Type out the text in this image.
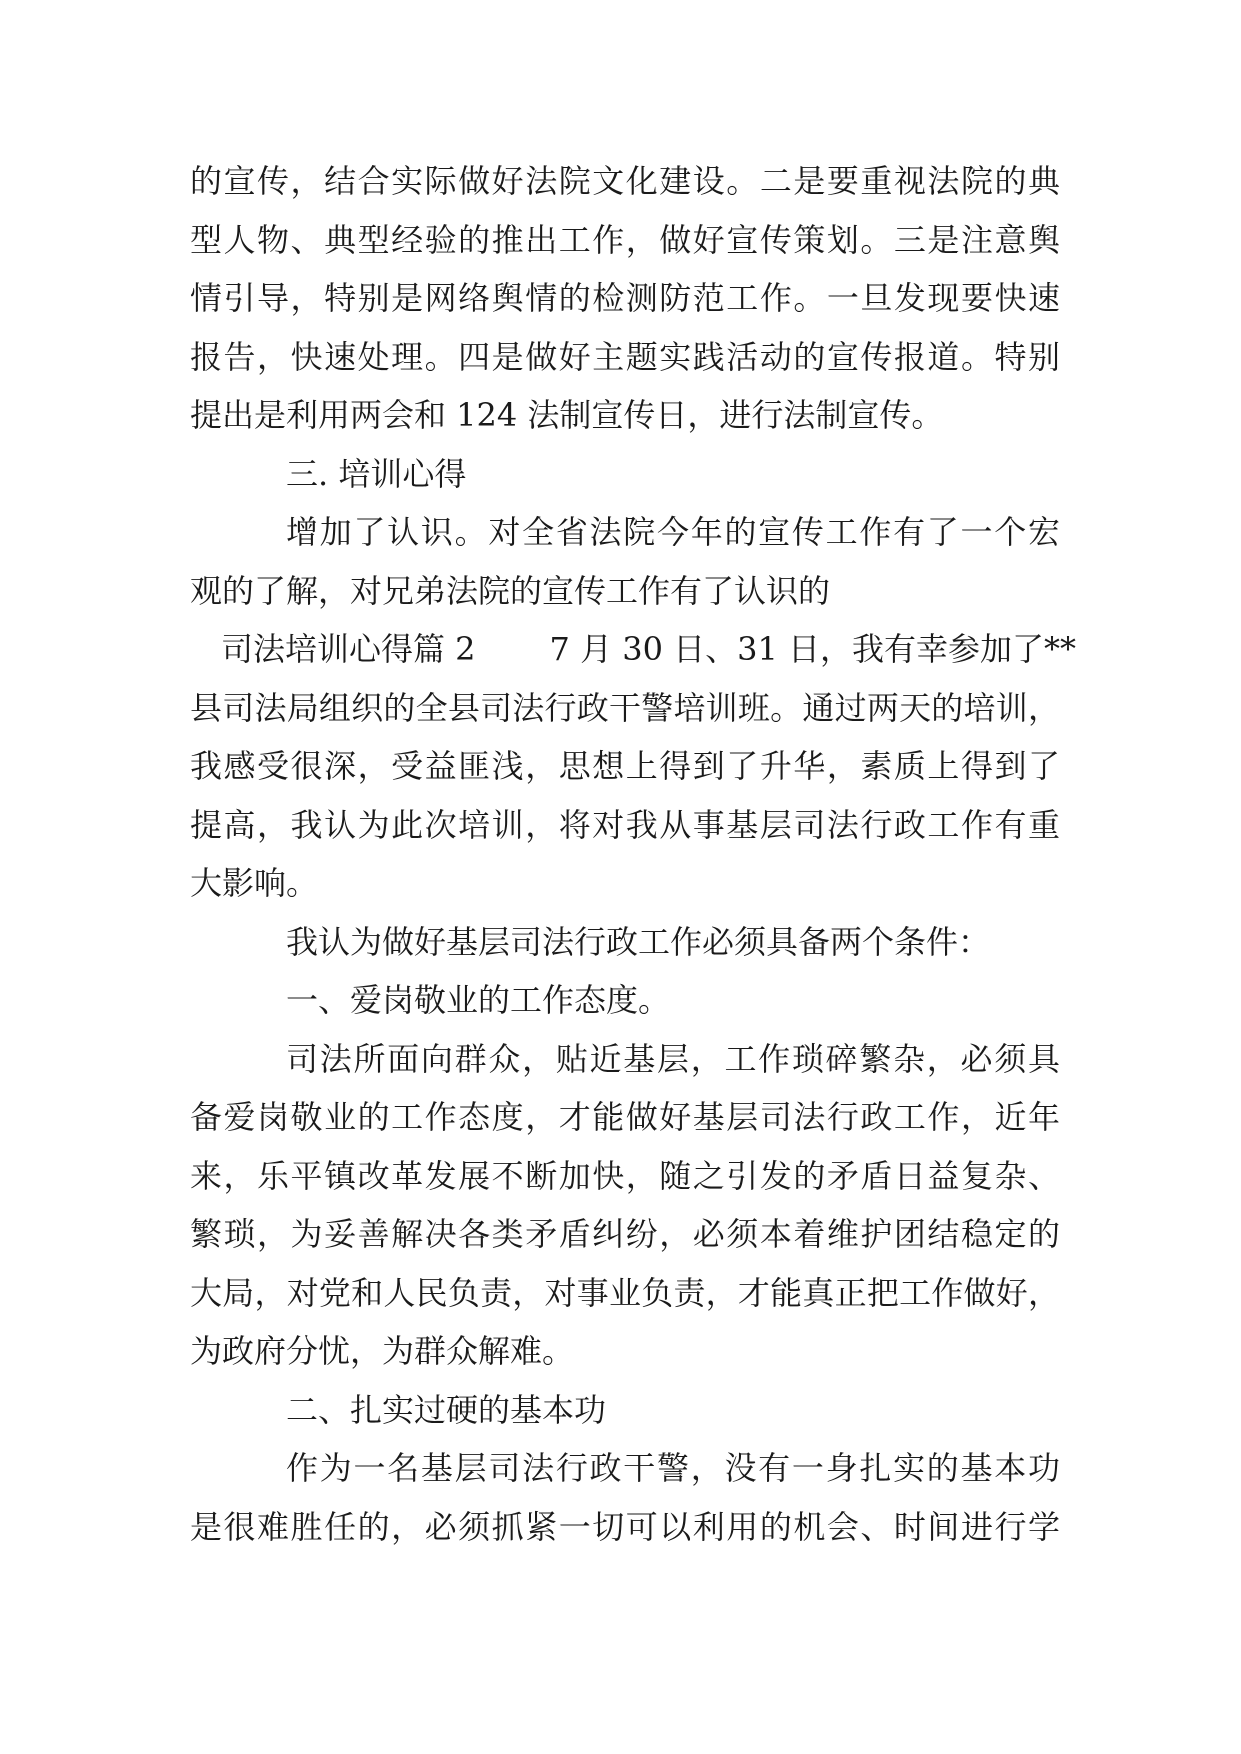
的宣传，结合实际做好法院文化建设。二是要重视法院的典
型人物、典型经验的推出工作，做好宣传策划。三是注意舆
情引导，特别是网络舆情的检测防范工作。一旦发现要快速
报告，快速处理。四是做好主题实践活动的宣传报道。特别
提出是利用两会和 124 法制宣传日，进行法制宣传。
三. 培训心得
增加了认识。对全省法院今年的宣传工作有了一个宏
观的了解，对兄弟法院的宣传工作有了认识的
司法培训心得篇 2 7 月 30 日、31 日，我有幸参加了**
县司法局组织的全县司法行政干警培训班。通过两天的培训，
我感受很深，受益匪浅，思想上得到了升华，素质上得到了
提高，我认为此次培训，将对我从事基层司法行政工作有重
大影响。
我认为做好基层司法行政工作必须具备两个条件：
一、爱岗敬业的工作态度。
司法所面向群众，贴近基层，工作琐碎繁杂，必须具
备爱岗敬业的工作态度，才能做好基层司法行政工作，近年
来，乐平镇改革发展不断加快，随之引发的矛盾日益复杂、
繁琐，为妥善解决各类矛盾纠纷，必须本着维护团结稳定的
大局，对党和人民负责，对事业负责，才能真正把工作做好，
为政府分忧，为群众解难。
二、扎实过硬的基本功
作为一名基层司法行政干警，没有一身扎实的基本功
是很难胜任的，必须抓紧一切可以利用的机会、时间进行学
